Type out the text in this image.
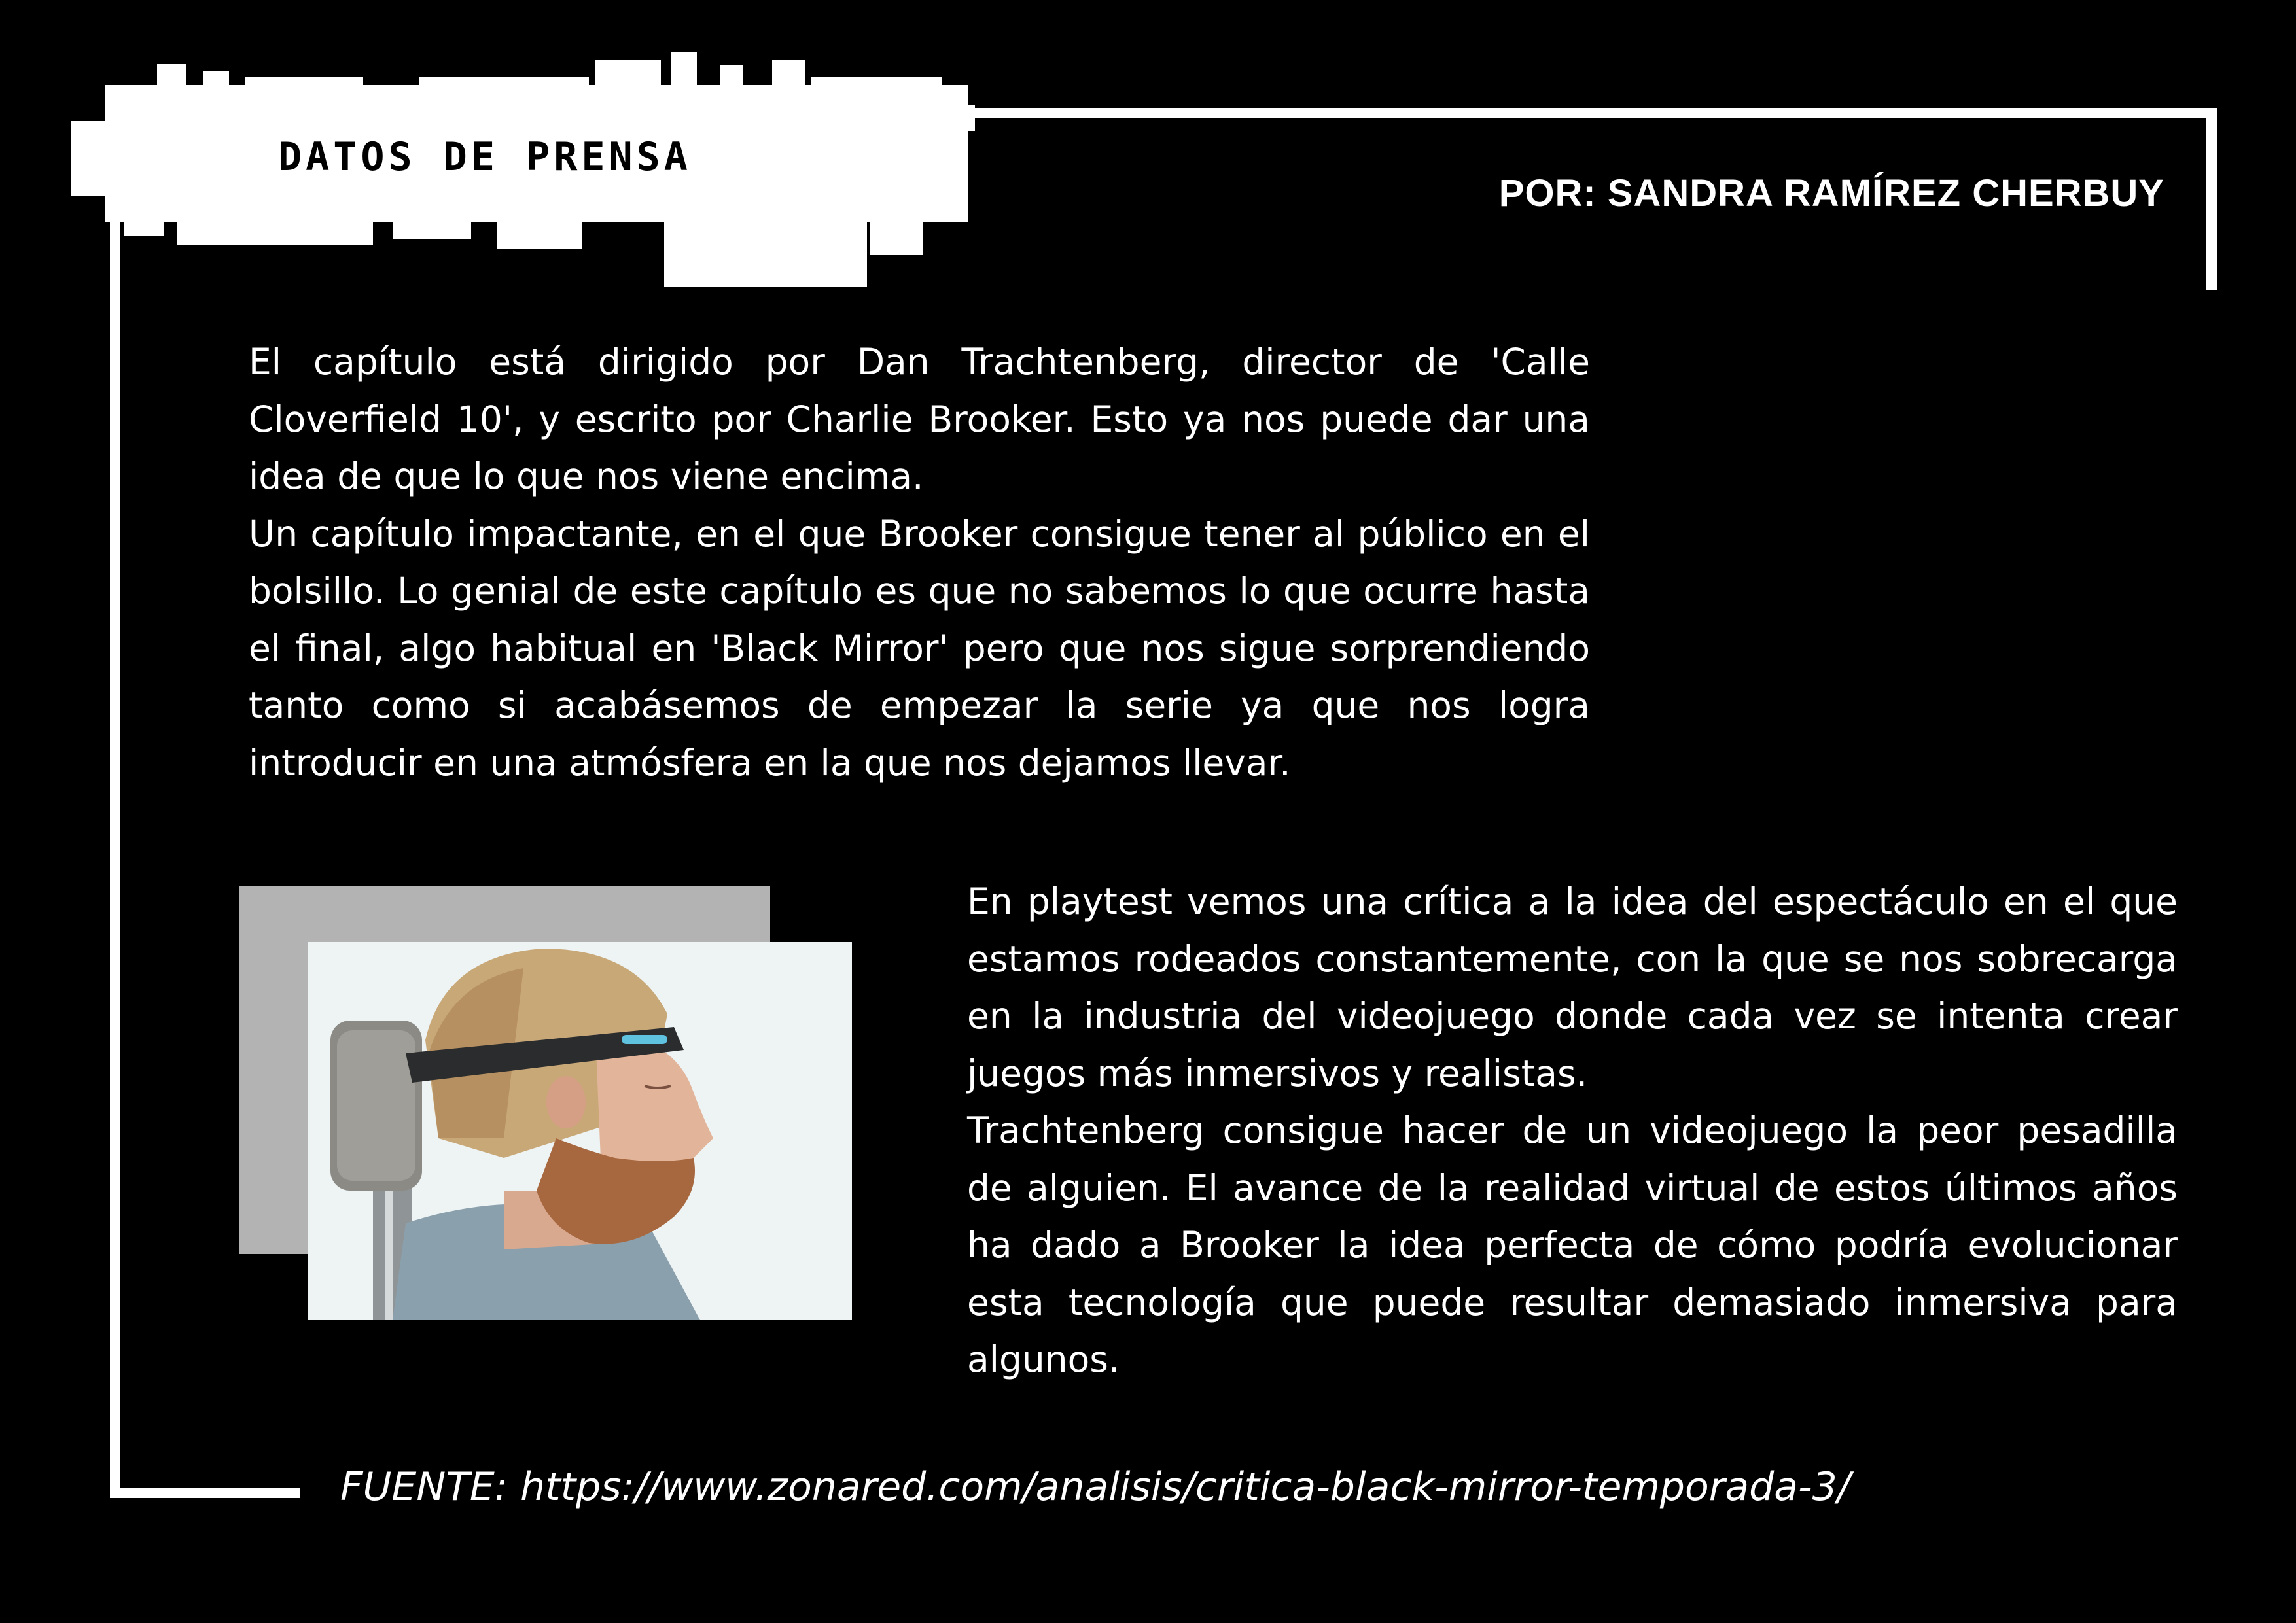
DATOS DE PRENSA
POR: SANDRA RAMÍREZ CHERBUY

El capítulo está dirigido por Dan Trachtenberg, director de 'Calle Cloverfield 10', y escrito por Charlie Brooker. Esto ya nos puede dar una idea de que lo que nos viene encima.

Un capítulo impactante, en el que Brooker consigue tener al público en el bolsillo. Lo genial de este capítulo es que no sabemos lo que ocurre hasta el final, algo habitual en 'Black Mirror' pero que nos sigue sorprendiendo tanto como si acabásemos de empezar la serie ya que nos logra introducir en una atmósfera en la que nos dejamos llevar.

En playtest vemos una crítica a la idea del espectáculo en el que estamos rodeados constantemente, con la que se nos sobrecarga en la industria del videojuego donde cada vez se intenta crear juegos más inmersivos y realistas.

Trachtenberg consigue hacer de un videojuego la peor pesadilla de alguien. El avance de la realidad virtual de estos últimos años ha dado a Brooker la idea perfecta de cómo podría evolucionar esta tecnología que puede resultar demasiado inmersiva para algunos.

FUENTE: https://www.zonared.com/analisis/critica-black-mirror-temporada-3/
